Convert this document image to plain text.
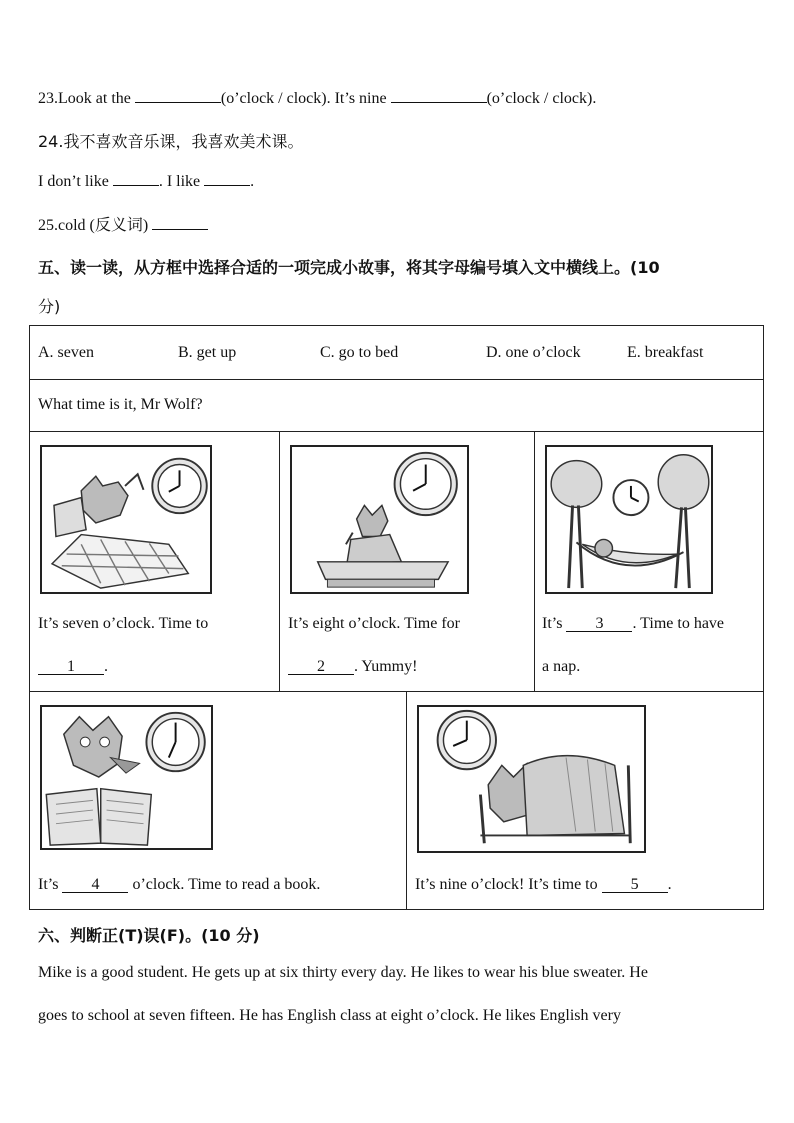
23.Look at the	(o’clock / clock). It’s nine	(o’clock / clock).
24.我不喜欢音乐课，我喜欢美术课。
I don’t like	. I like	.
25.cold (反义词)
五、读一读，从方框中选择合适的一项完成小故事，将其字母编号填入文中横线上。(10
分)
A. seven	B. get up	C. go to bed	D. one o’clock	E. breakfast
What time is it, Mr Wolf?
It’s seven o’clock. Time to
1 .
It’s eight o’clock. Time for
2 . Yummy!
It’s 3 . Time to have
a nap.
It’s 4 o’clock. Time to read a book.	It’s nine o’clock! It’s time to 5 .
六、判断正(T)误(F)。(10 分)
Mike is a good student. He gets up at six thirty every day. He likes to wear his blue sweater. He
goes to school at seven fifteen. He has English class at eight o’clock. He likes English very
